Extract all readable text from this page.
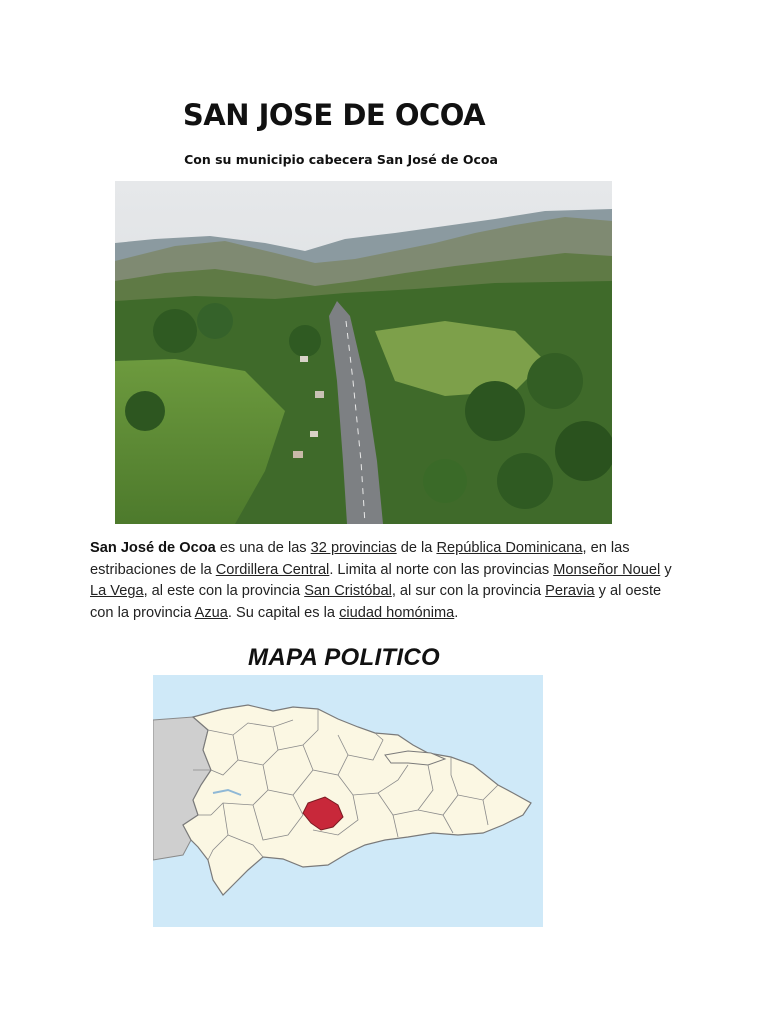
SAN JOSE DE OCOA
Con su municipio cabecera San José de Ocoa
San José de Ocoa es una de las 32 provincias de la República Dominicana, en las estribaciones de la Cordillera Central. Limita al norte con las provincias Monseñor Nouel y La Vega, al este con la provincia San Cristóbal, al sur con la provincia Peravia y al oeste con la provincia Azua. Su capital es la ciudad homónima.
MAPA POLITICO
